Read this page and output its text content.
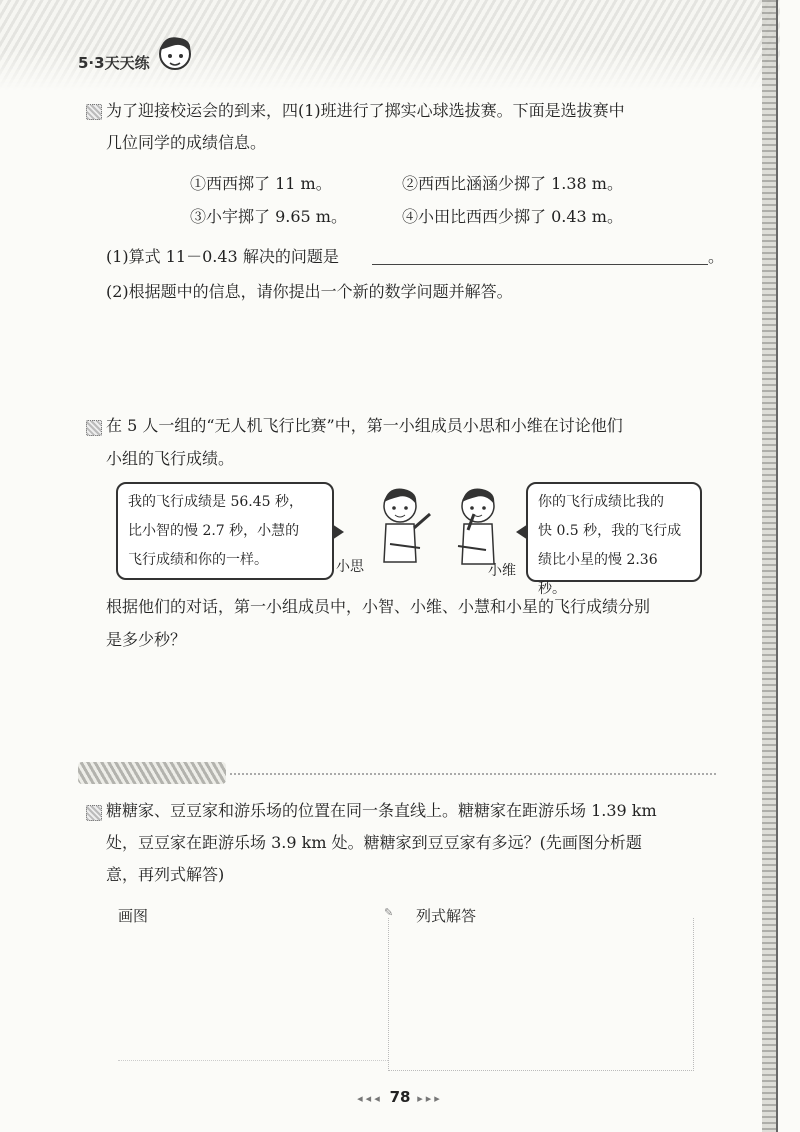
5·3天天练
为了迎接校运会的到来，四(1)班进行了掷实心球选拔赛。下面是选拔赛中
几位同学的成绩信息。
①西西掷了 11 m。	②西西比涵涵少掷了 1.38 m。
③小宇掷了 9.65 m。	④小田比西西少掷了 0.43 m。
(1)算式 11－0.43 解决的问题是	。
(2)根据题中的信息，请你提出一个新的数学问题并解答。
在 5 人一组的“无人机飞行比赛”中，第一小组成员小思和小维在讨论他们
小组的飞行成绩。
我的飞行成绩是 56.45 秒，
比小智的慢 2.7 秒，小慧的
飞行成绩和你的一样。	小思	小维
你的飞行成绩比我的
快 0.5 秒，我的飞行成
绩比小星的慢 2.36 秒。
根据他们的对话，第一小组成员中，小智、小维、小慧和小星的飞行成绩分别
是多少秒？
糖糖家、豆豆家和游乐场的位置在同一条直线上。糖糖家在距游乐场 1.39 km
处，豆豆家在距游乐场 3.9 km 处。糖糖家到豆豆家有多远？(先画图分析题
意，再列式解答)
画图	✎ 列式解答
◂◂◂ 78 ▸▸▸
